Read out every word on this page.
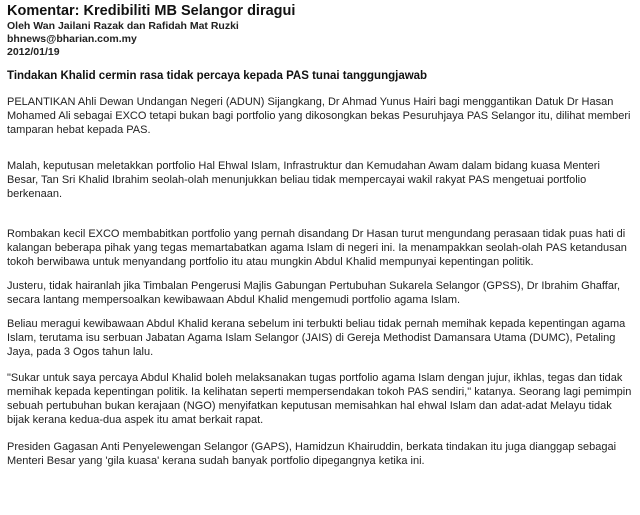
Komentar: Kredibiliti MB Selangor diragui

Oleh Wan Jailani Razak dan Rafidah Mat Ruzki

bhnews@bharian.com.my

2012/01/19

Tindakan Khalid cermin rasa tidak percaya kepada PAS tunai tanggungjawab

PELANTIKAN Ahli Dewan Undangan Negeri (ADUN) Sijangkang, Dr Ahmad Yunus Hairi bagi menggantikan Datuk Dr Hasan Mohamed Ali sebagai EXCO tetapi bukan bagi portfolio yang dikosongkan bekas Pesuruhjaya PAS Selangor itu, dilihat memberi tamparan hebat kepada PAS.

Malah, keputusan meletakkan portfolio Hal Ehwal Islam, Infrastruktur dan Kemudahan Awam dalam bidang kuasa Menteri Besar, Tan Sri Khalid Ibrahim seolah-olah menunjukkan beliau tidak mempercayai wakil rakyat PAS mengetuai portfolio berkenaan.

Rombakan kecil EXCO membabitkan portfolio yang pernah disandang Dr Hasan turut mengundang perasaan tidak puas hati di kalangan beberapa pihak yang tegas memartabatkan agama Islam di negeri ini. Ia menampakkan seolah-olah PAS ketandusan tokoh berwibawa untuk menyandang portfolio itu atau mungkin Abdul Khalid mempunyai kepentingan politik.

Justeru, tidak hairanlah jika Timbalan Pengerusi Majlis Gabungan Pertubuhan Sukarela Selangor (GPSS), Dr Ibrahim Ghaffar, secara lantang mempersoalkan kewibawaan Abdul Khalid mengemudi portfolio agama Islam.

Beliau meragui kewibawaan Abdul Khalid kerana sebelum ini terbukti beliau tidak pernah memihak kepada kepentingan agama Islam, terutama isu serbuan Jabatan Agama Islam Selangor (JAIS) di Gereja Methodist Damansara Utama (DUMC), Petaling Jaya, pada 3 Ogos tahun lalu.

"Sukar untuk saya percaya Abdul Khalid boleh melaksanakan tugas portfolio agama Islam dengan jujur, ikhlas, tegas dan tidak memihak kepada kepentingan politik. Ia kelihatan seperti mempersendakan tokoh PAS sendiri," katanya. Seorang lagi pemimpin sebuah pertubuhan bukan kerajaan (NGO) menyifatkan keputusan memisahkan hal ehwal Islam dan adat-adat Melayu tidak bijak kerana kedua-dua aspek itu amat berkait rapat.

Presiden Gagasan Anti Penyelewengan Selangor (GAPS), Hamidzun Khairuddin, berkata tindakan itu juga dianggap sebagai Menteri Besar yang 'gila kuasa' kerana sudah banyak portfolio dipegangnya ketika ini.
